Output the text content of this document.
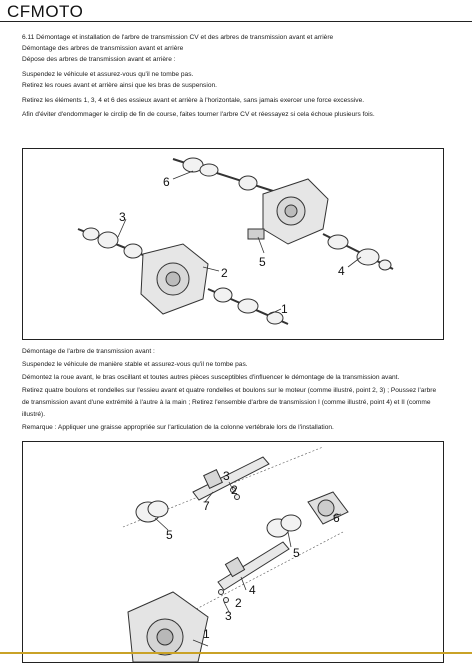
CFMOTO
6.11 Démontage et installation de l'arbre de transmission CV et des arbres de transmission avant et arrière
Démontage des arbres de transmission avant et arrière
Dépose des arbres de transmission avant et arrière :
Suspendez le véhicule et assurez-vous qu'il ne tombe pas.
Retirez les roues avant et arrière ainsi que les bras de suspension.
Retirez les éléments 1, 3, 4 et 6 des essieux avant et arrière à l'horizontale, sans jamais exercer une force excessive.
Afin d'éviter d'endommager le circlip de fin de course, faites tourner l'arbre CV et réessayez si cela échoue plusieurs fois.
6
3
2
5
4
1
Démontage de l'arbre de transmission avant :
Suspendez le véhicule de manière stable et assurez-vous qu'il ne tombe pas.
Démontez la roue avant, le bras oscillant et toutes autres pièces susceptibles d'influencer le démontage de la transmission avant.
Retirez quatre boulons et rondelles sur l'essieu avant et quatre rondelles et boulons sur le moteur (comme illustré, point 2, 3) ; Poussez l'arbre
de transmission avant d'une extrémité à l'autre à la main ; Retirez l'ensemble d'arbre de transmission I (comme illustré, point 4) et II (comme
illustré).
Remarque : Appliquer une graisse appropriée sur l'articulation de la colonne vertébrale lors de l'installation.
3
2
7
5
6
5
4
2
3
1
